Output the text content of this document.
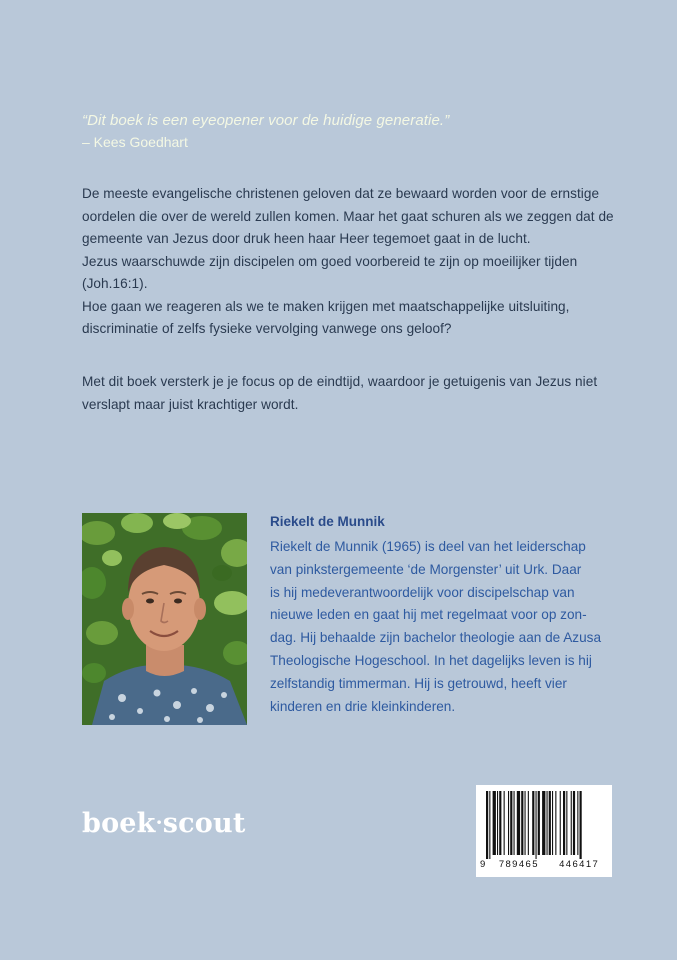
“Dit boek is een eyeopener voor de huidige generatie.”
– Kees Goedhart
De meeste evangelische christenen geloven dat ze bewaard worden voor de ernstige
oordelen die over de wereld zullen komen. Maar het gaat schuren als we zeggen dat de
gemeente van Jezus door druk heen haar Heer tegemoet gaat in de lucht.
Jezus waarschuwde zijn discipelen om goed voorbereid te zijn op moeilijker tijden
(Joh.16:1).
Hoe gaan we reageren als we te maken krijgen met maatschappelijke uitsluiting,
discriminatie of zelfs fysieke vervolging vanwege ons geloof?
Met dit boek versterk je je focus op de eindtijd, waardoor je getuigenis van Jezus niet
verslapt maar juist krachtiger wordt.
Riekelt de Munnik
Riekelt de Munnik (1965) is deel van het leiderschap
van pinkstergemeente ‘de Morgenster’ uit Urk. Daar
is hij medeverantwoordelijk voor discipelschap van
nieuwe leden en gaat hij met regelmaat voor op zon-
dag. Hij behaalde zijn bachelor theologie aan de Azusa
Theologische Hogeschool. In het dagelijks leven is hij
zelfstandig timmerman. Hij is getrouwd, heeft vier
kinderen en drie kleinkinderen.
boek·scout
9 789465 446417
